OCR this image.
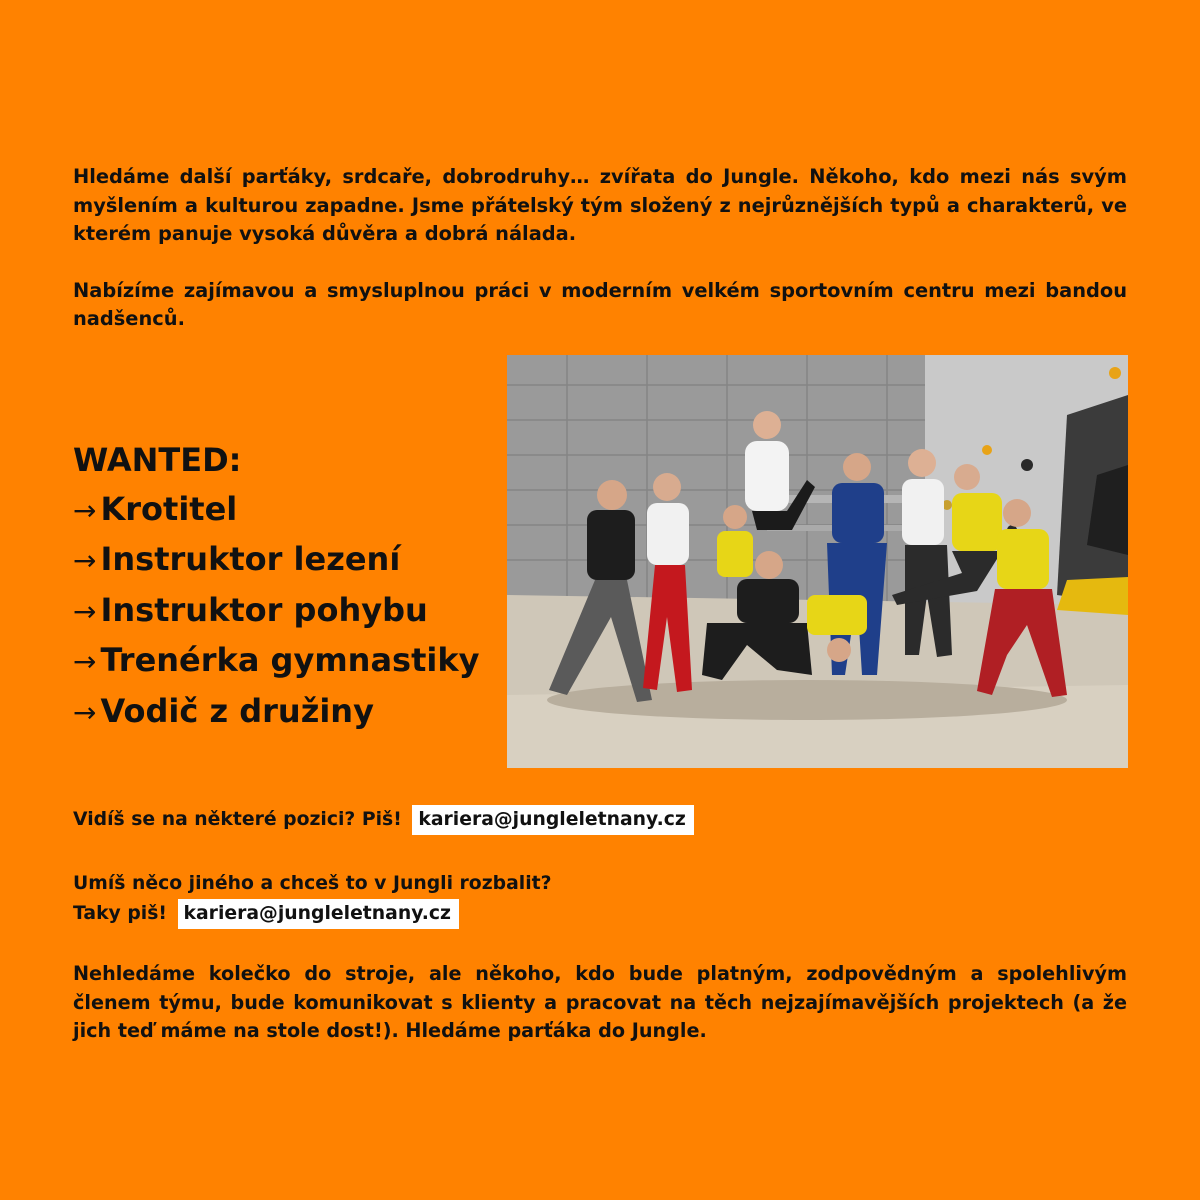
Hledáme další parťáky, srdcaře, dobrodruhy… zvířata do Jungle. Někoho, kdo mezi nás svým myšlením a kulturou zapadne. Jsme přátelský tým složený z nejrůznějších typů a charakterů, ve kterém panuje vysoká důvěra a dobrá nálada.

Nabízíme zajímavou a smysluplnou práci v moderním velkém sportovním centru mezi bandou nadšenců.

WANTED:
→ Krotitel
→ Instruktor lezení
→ Instruktor pohybu
→ Trenérka gymnastiky
→ Vodič z družiny
Vidíš se na některé pozici? Piš! kariera@jungleletnany.cz
Umíš něco jiného a chceš to v Jungli rozbalit?
Taky piš! kariera@jungleletnany.cz

Nehledáme kolečko do stroje, ale někoho, kdo bude platným, zodpovědným a spolehlivým členem týmu, bude komunikovat s klienty a pracovat na těch nejzajímavějších projektech (a že jich teď máme na stole dost!). Hledáme parťáka do Jungle.
